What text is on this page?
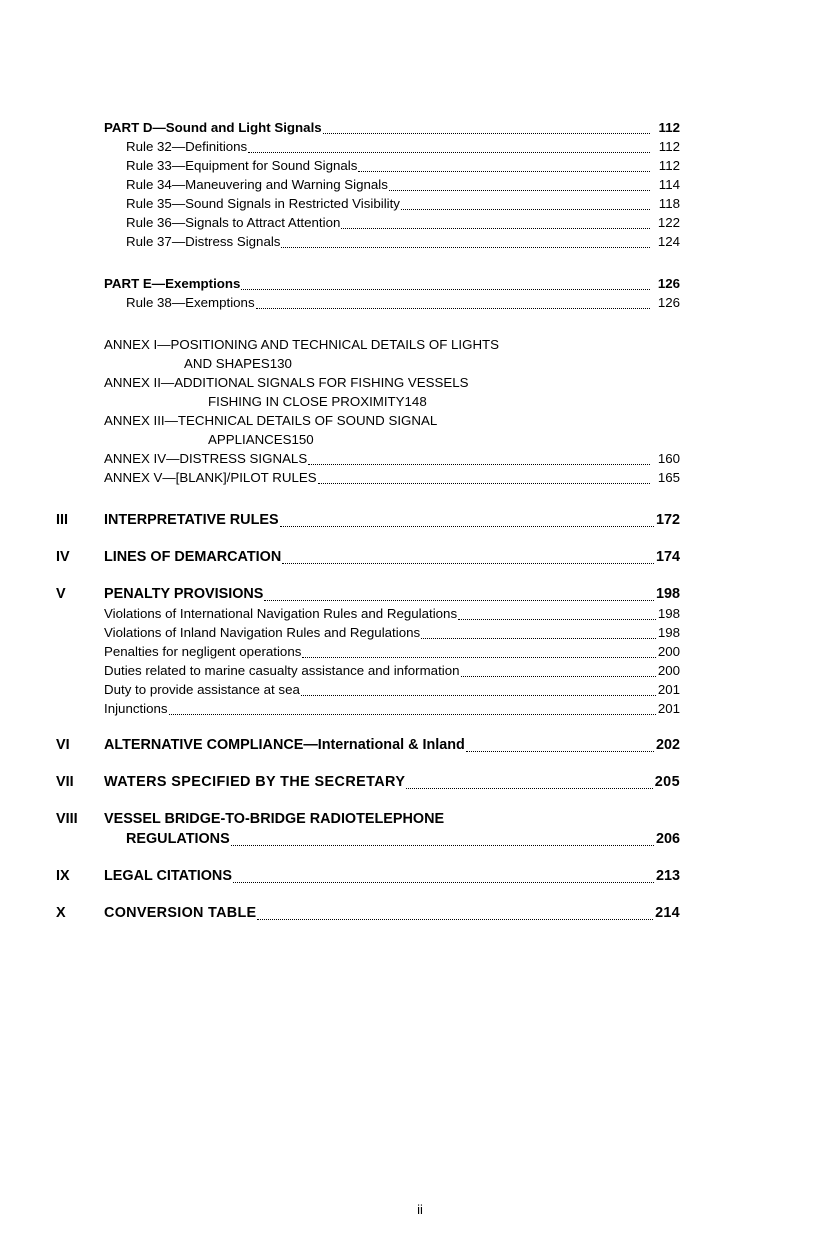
PART D—Sound and Light Signals	112
Rule 32—Definitions	112
Rule 33—Equipment for Sound Signals	112
Rule 34—Maneuvering and Warning Signals	114
Rule 35—Sound Signals in Restricted Visibility	118
Rule 36—Signals to Attract Attention	122
Rule 37—Distress Signals	124
PART E—Exemptions	126
Rule 38—Exemptions	126
ANNEX I—POSITIONING AND TECHNICAL DETAILS OF LIGHTS
AND SHAPES 130
ANNEX II—ADDITIONAL SIGNALS FOR FISHING VESSELS
FISHING IN CLOSE PROXIMITY 148
ANNEX III—TECHNICAL DETAILS OF SOUND SIGNAL
APPLIANCES 150
ANNEX IV—DISTRESS SIGNALS	160
ANNEX V—[BLANK]/PILOT RULES	165
III	INTERPRETATIVE RULES	172
IV LINES OF DEMARCATION	174
V	PENALTY PROVISIONS	198
Violations of International Navigation Rules and Regulations	198
Violations of Inland Navigation Rules and Regulations	198
Penalties for negligent operations	200
Duties related to marine casualty assistance and information	200
Duty to provide assistance at sea	201
Injunctions	201
VI ALTERNATIVE COMPLIANCE—International & Inland	202
VII WATERS SPECIFIED BY THE SECRETARY	205
VIII VESSEL BRIDGE-TO-BRIDGE RADIOTELEPHONE
REGULATIONS	206
IX LEGAL CITATIONS	213
X	CONVERSION TABLE	214
ii
